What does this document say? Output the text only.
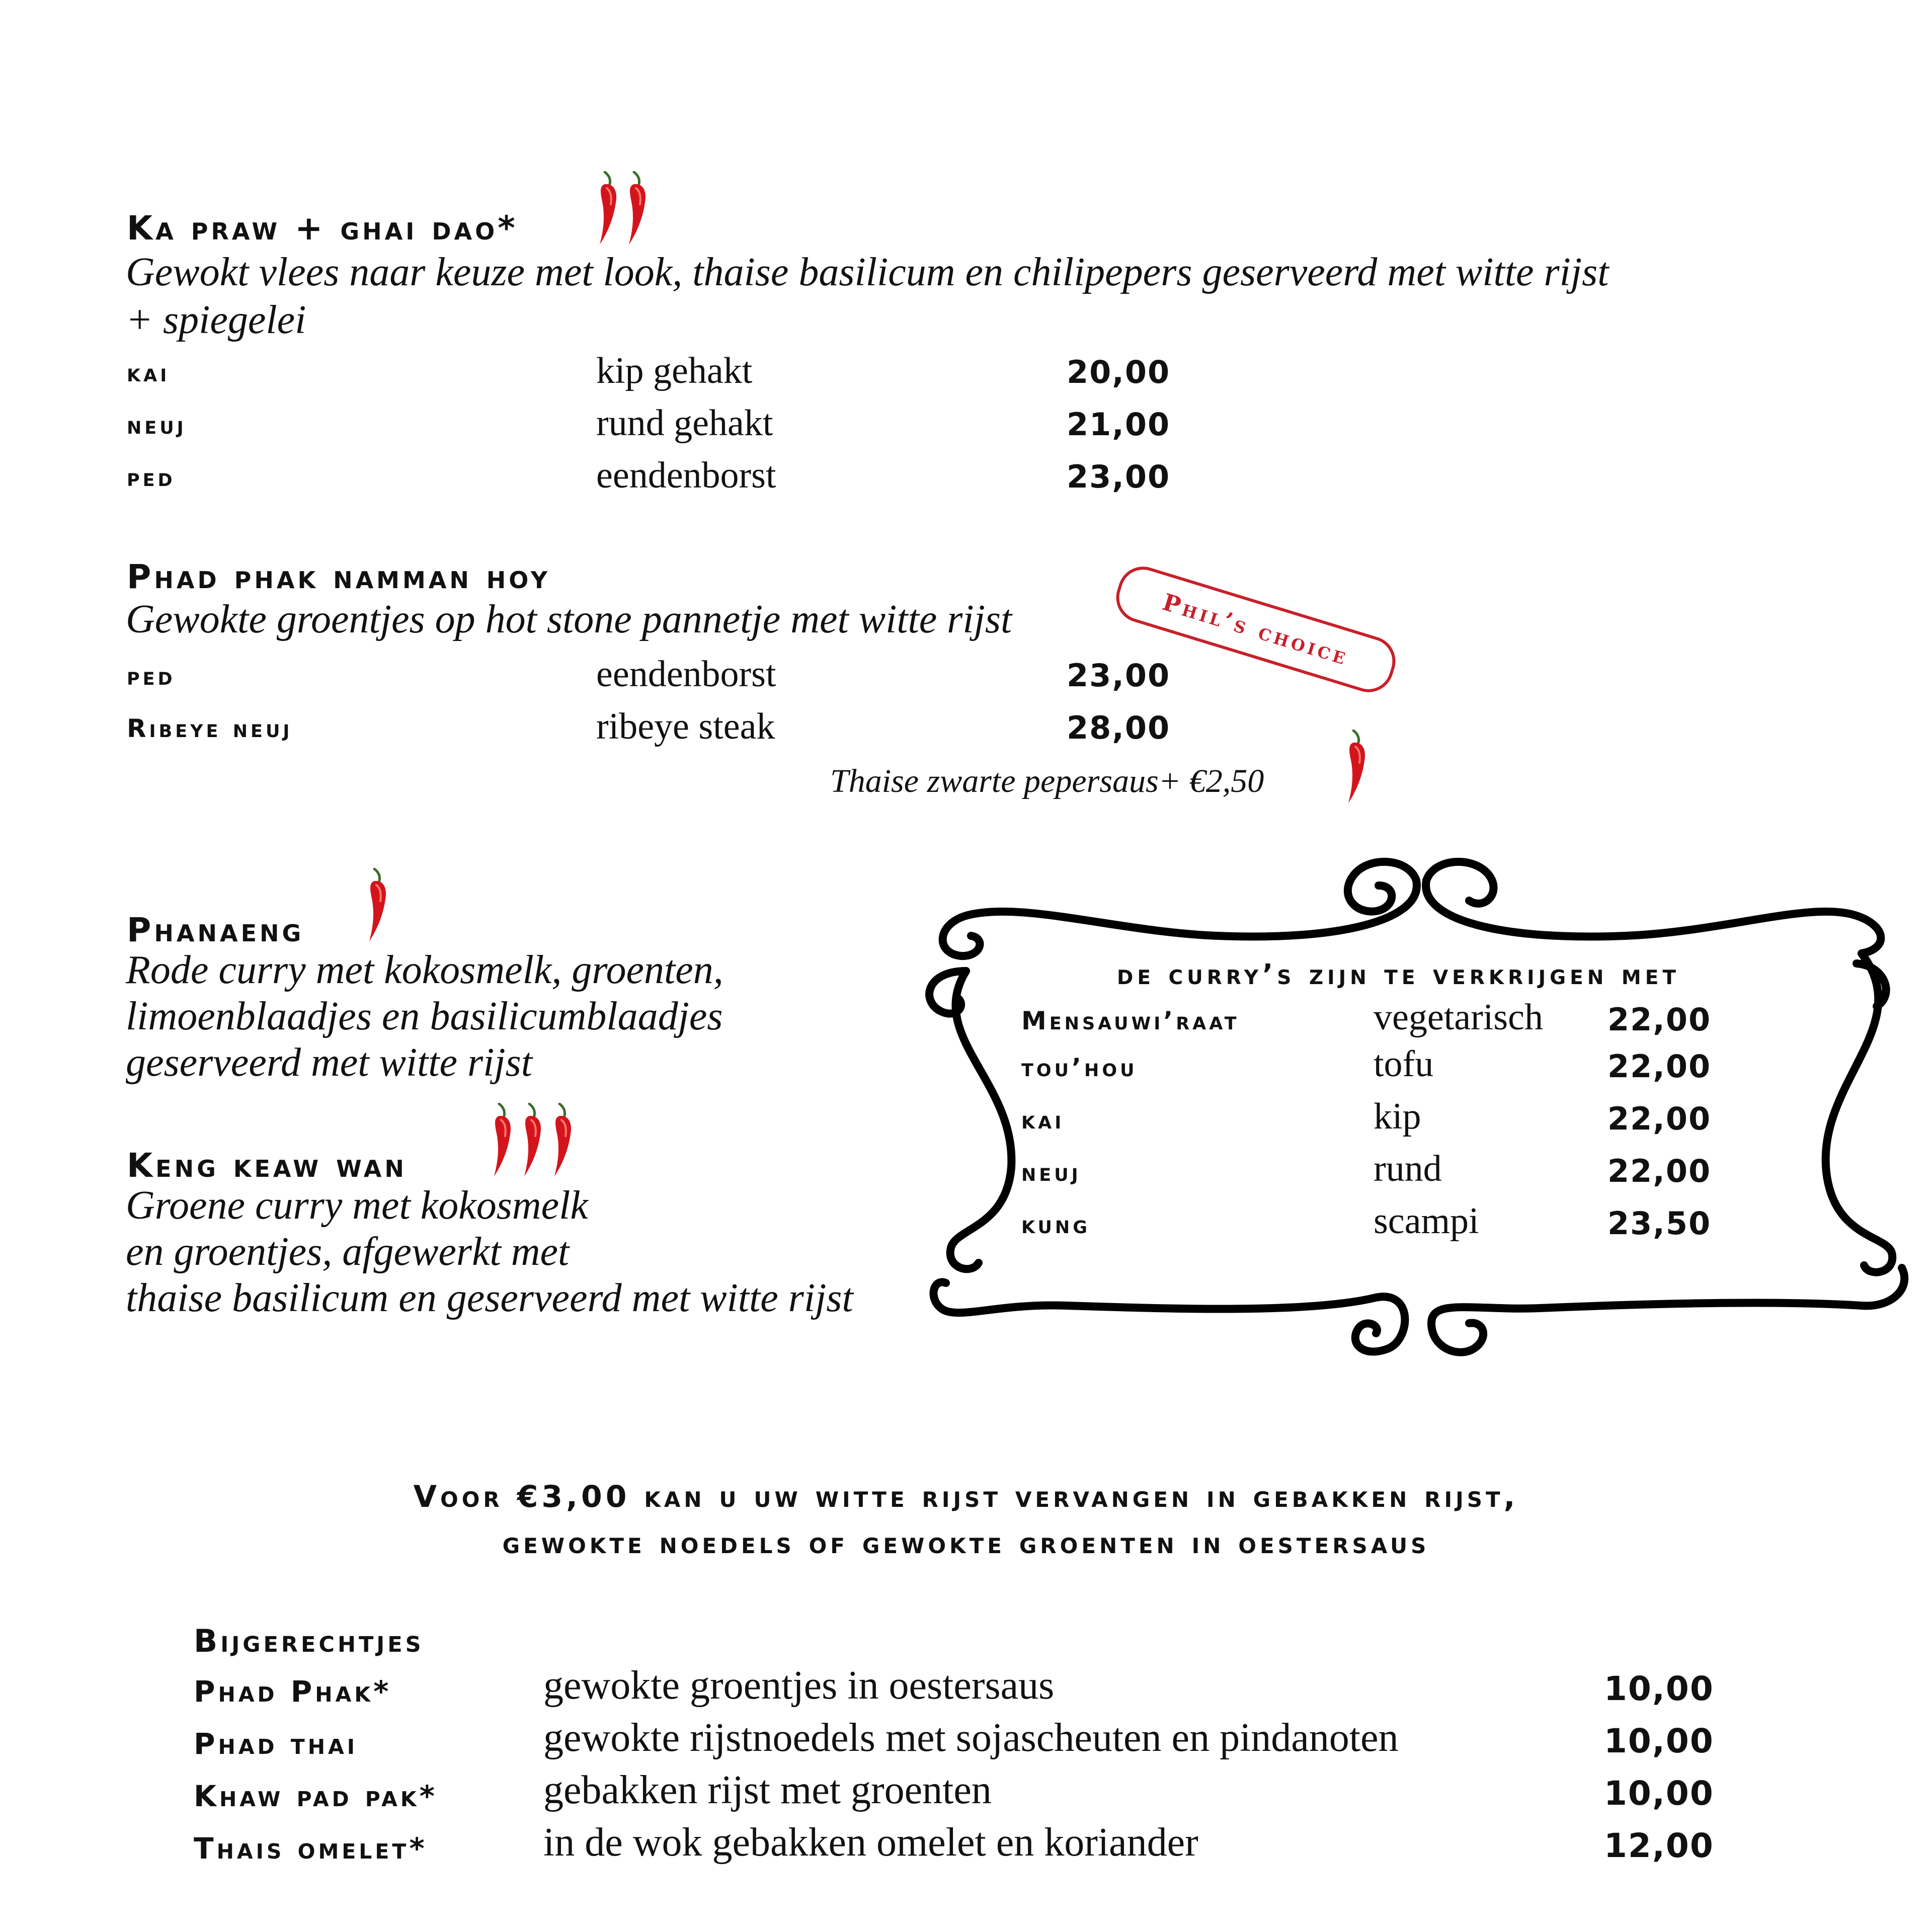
Ka praw + ghai dao*
Gewokt vlees naar keuze met look, thaise basilicum en chilipepers geserveerd met witte rijst
+ spiegelei
kai	kip gehakt	20,00
neuj	rund gehakt	21,00
ped	eendenborst	23,00
Phad phak namman hoy
Gewokte groentjes op hot stone pannetje met witte rijst	Phil’s choice
ped	eendenborst	23,00
Ribeye neuj	ribeye steak	28,00
Thaise zwarte pepersaus+ €2,50
Phanaeng
Rode curry met kokosmelk, groenten,
limoenblaadjes en basilicumblaadjes
geserveerd met witte rijst
Keng keaw wan
Groene curry met kokosmelk
en groentjes, afgewerkt met
thaise basilicum en geserveerd met witte rijst
de curry’s zijn te verkrijgen met
Mensauwi’raat	vegetarisch 22,00
tou’hou	tofu	22,00
kai	kip	22,00
neuj	rund	22,00
kung	scampi	23,50
Voor €3,00 kan u uw witte rijst vervangen in gebakken rijst,
gewokte noedels of gewokte groenten in oestersaus
Bijgerechtjes
Phad Phak*	gewokte groentjes in oestersaus	10,00
Phad thai	gewokte rijstnoedels met sojascheuten en pindanoten	10,00
Khaw pad pak*	gebakken rijst met groenten	10,00
Thais omelet*	in de wok gebakken omelet en koriander	12,00
